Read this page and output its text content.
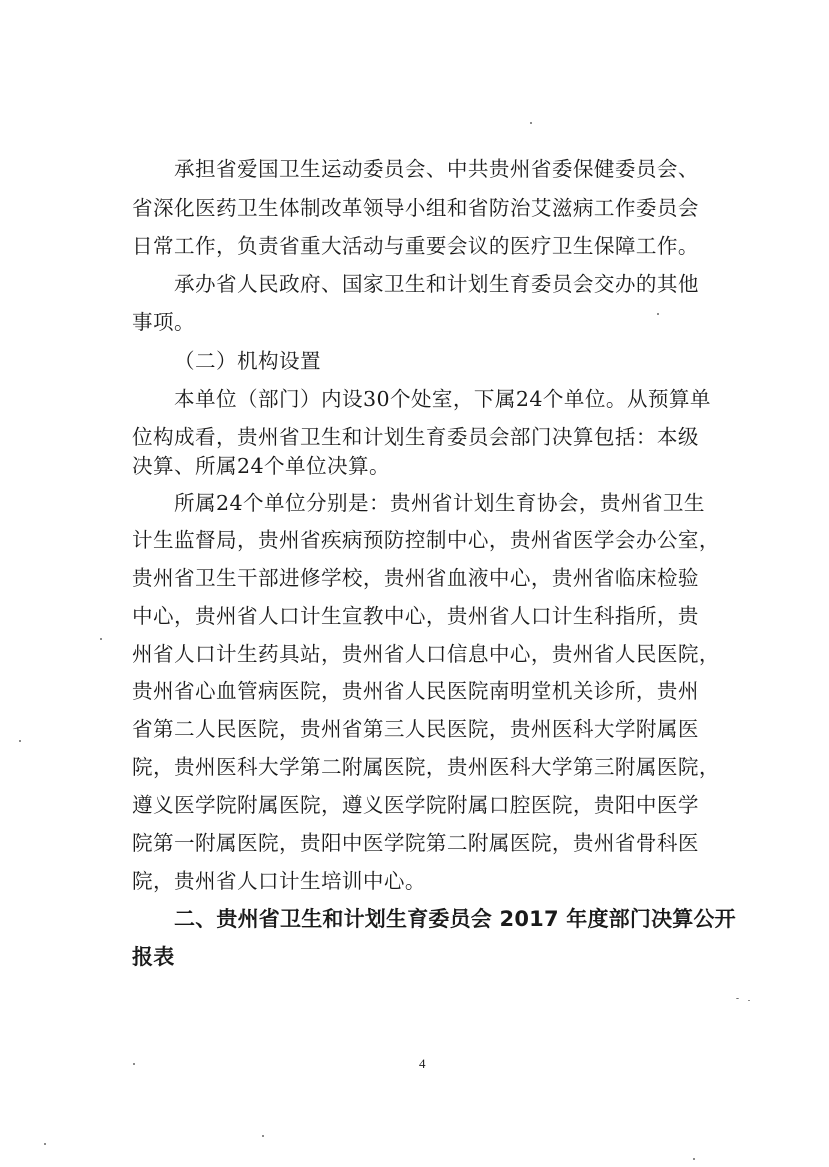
承担省爱国卫生运动委员会、中共贵州省委保健委员会、
省深化医药卫生体制改革领导小组和省防治艾滋病工作委员会
日常工作，负责省重大活动与重要会议的医疗卫生保障工作。
承办省人民政府、国家卫生和计划生育委员会交办的其他
事项。
（二）机构设置
本单位（部门）内设30个处室，下属24个单位。从预算单
位构成看，贵州省卫生和计划生育委员会部门决算包括：本级
决算、所属24个单位决算。
所属24个单位分别是：贵州省计划生育协会，贵州省卫生
计生监督局，贵州省疾病预防控制中心，贵州省医学会办公室，
贵州省卫生干部进修学校，贵州省血液中心，贵州省临床检验
中心，贵州省人口计生宣教中心，贵州省人口计生科指所，贵
州省人口计生药具站，贵州省人口信息中心，贵州省人民医院，
贵州省心血管病医院，贵州省人民医院南明堂机关诊所，贵州
省第二人民医院，贵州省第三人民医院，贵州医科大学附属医
院，贵州医科大学第二附属医院，贵州医科大学第三附属医院，
遵义医学院附属医院，遵义医学院附属口腔医院，贵阳中医学
院第一附属医院，贵阳中医学院第二附属医院，贵州省骨科医
院，贵州省人口计生培训中心。
二、贵州省卫生和计划生育委员会 2017 年度部门决算公开
报表
4
